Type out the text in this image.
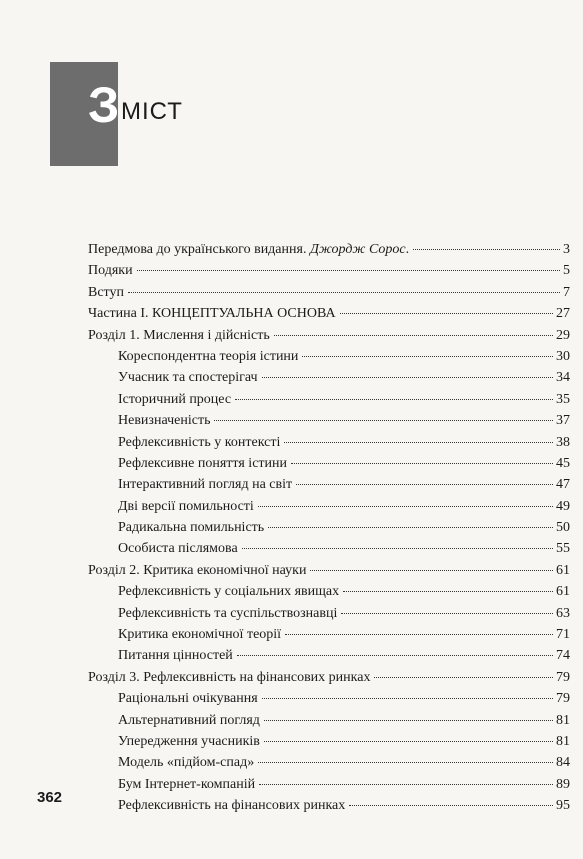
З МІСТ
Передмова до українського видання. Джордж Сорос.	3
Подяки	5
Вступ	7
Частина I. КОНЦЕПТУАЛЬНА ОСНОВА	27
Розділ 1. Мислення і дійсність	29
Кореспондентна теорія істини	30
Учасник та спостерігач	34
Історичний процес	35
Невизначеність	37
Рефлексивність у контексті	38
Рефлексивне поняття істини	45
Інтерактивний погляд на світ	47
Дві версії помильності	49
Радикальна помильність	50
Особиста післямова	55
Розділ 2. Критика економічної науки	61
Рефлексивність у соціальних явищах	61
Рефлексивність та суспільствознавці	63
Критика економічної теорії	71
Питання цінностей	74
Розділ 3. Рефлексивність на фінансових ринках	79
Раціональні очікування	79
Альтернативний погляд	81
Упередження учасників	81
Модель «підйом-спад»	84
Бум Інтернет-компаній	89
Рефлексивність на фінансових ринках	95
362
